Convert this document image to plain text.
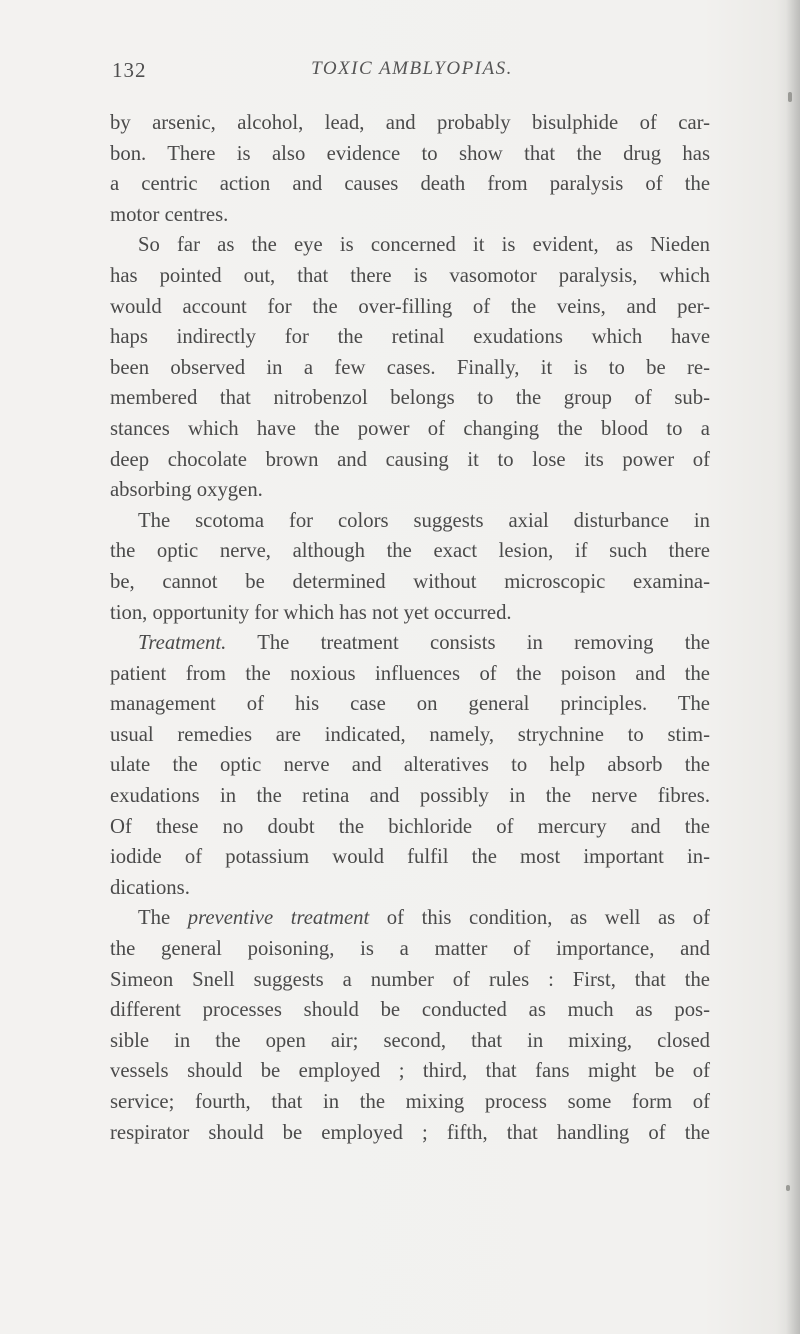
132	TOXIC AMBLYOPIAS.
by arsenic, alcohol, lead, and probably bisulphide of car-
bon. There is also evidence to show that the drug has
a centric action and causes death from paralysis of the
motor centres.
So far as the eye is concerned it is evident, as Nieden
has pointed out, that there is vasomotor paralysis, which
would account for the over-filling of the veins, and per-
haps indirectly for the retinal exudations which have
been observed in a few cases. Finally, it is to be re-
membered that nitrobenzol belongs to the group of sub-
stances which have the power of changing the blood to a
deep chocolate brown and causing it to lose its power of
absorbing oxygen.
The scotoma for colors suggests axial disturbance in
the optic nerve, although the exact lesion, if such there
be, cannot be determined without microscopic examina-
tion, opportunity for which has not yet occurred.
Treatment. The treatment consists in removing the
patient from the noxious influences of the poison and the
management of his case on general principles. The
usual remedies are indicated, namely, strychnine to stim-
ulate the optic nerve and alteratives to help absorb the
exudations in the retina and possibly in the nerve fibres.
Of these no doubt the bichloride of mercury and the
iodide of potassium would fulfil the most important in-
dications.
The preventive treatment of this condition, as well as of
the general poisoning, is a matter of importance, and
Simeon Snell suggests a number of rules : First, that the
different processes should be conducted as much as pos-
sible in the open air; second, that in mixing, closed
vessels should be employed ; third, that fans might be of
service; fourth, that in the mixing process some form of
respirator should be employed ; fifth, that handling of the
